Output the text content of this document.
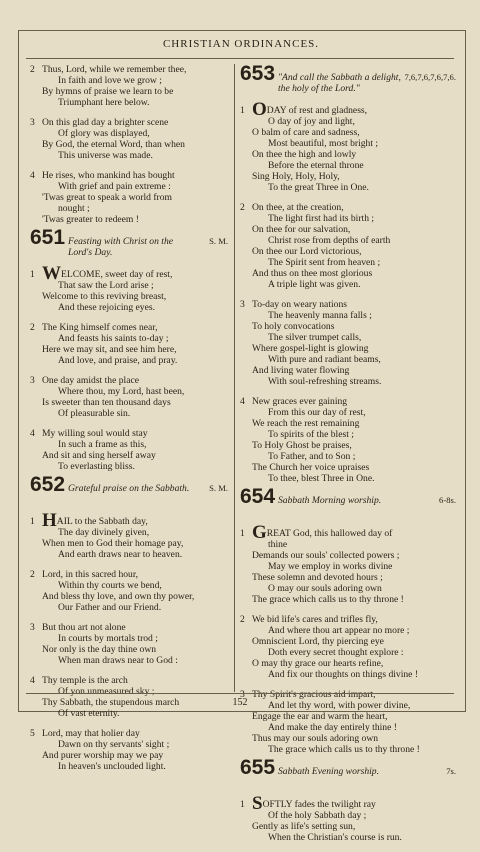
CHRISTIAN ORDINANCES.
2 Thus, Lord, while we remember thee,
In faith and love we grow ;
By hymns of praise we learn to be
Triumphant here below.
3 On this glad day a brighter scene
Of glory was displayed,
By God, the eternal Word, than when
This universe was made.
4 He rises, who mankind has bought
With grief and pain extreme :
'Twas great to speak a world from
nought ;
'Twas greater to redeem !
651 Feasting with Christ on the Lord's Day.
S. M.
1 WELCOME, sweet day of rest,
That saw the Lord arise ;
Welcome to this reviving breast,
And these rejoicing eyes.
2 The King himself comes near,
And feasts his saints to-day ;
Here we may sit, and see him here,
And love, and praise, and pray.
3 One day amidst the place
Where thou, my Lord, hast been,
Is sweeter than ten thousand days
Of pleasurable sin.
4 My willing soul would stay
In such a frame as this,
And sit and sing herself away
To everlasting bliss.
652 Grateful praise on the Sabbath.	S. M.
1 HAIL to the Sabbath day,
The day divinely given,
When men to God their homage pay,
And earth draws near to heaven.
2 Lord, in this sacred hour,
Within thy courts we bend,
And bless thy love, and own thy power,
Our Father and our Friend.
3 But thou art not alone
In courts by mortals trod ;
Nor only is the day thine own
When man draws near to God :
4 Thy temple is the arch
Of yon unmeasured sky ;
Thy Sabbath, the stupendous march
Of vast eternity.
5 Lord, may that holier day
Dawn on thy servants' sight ;
And purer worship may we pay
In heaven's unclouded light.
653 "And call the Sabbath a delight, the holy of the Lord."
7,6,7,6,7,6,7,6.
1 ODAY of rest and gladness,
O day of joy and light,
O balm of care and sadness,
Most beautiful, most bright ;
On thee the high and lowly
Before the eternal throne
Sing Holy, Holy, Holy,
To the great Three in One.
2 On thee, at the creation,
The light first had its birth ;
On thee for our salvation,
Christ rose from depths of earth
On thee our Lord victorious,
The Spirit sent from heaven ;
And thus on thee most glorious
A triple light was given.
3 To-day on weary nations
The heavenly manna falls ;
To holy convocations
The silver trumpet calls,
Where gospel-light is glowing
With pure and radiant beams,
And living water flowing
With soul-refreshing streams.
4 New graces ever gaining
From this our day of rest,
We reach the rest remaining
To spirits of the blest ;
To Holy Ghost be praises,
To Father, and to Son ;
The Church her voice upraises
To thee, blest Three in One.
654 Sabbath Morning worship.	6-8s.
1 GREAT God, this hallowed day of
thine
Demands our souls' collected powers ;
May we employ in works divine
These solemn and devoted hours ;
O may our souls adoring own
The grace which calls us to thy throne !
2 We bid life's cares and trifles fly,
And where thou art appear no more ;
Omniscient Lord, thy piercing eye
Doth every secret thought explore :
O may thy grace our hearts refine,
And fix our thoughts on things divine !
3 Thy Spirit's gracious aid impart,
And let thy word, with power divine,
Engage the ear and warm the heart,
And make the day entirely thine !
Thus may our souls adoring own
The grace which calls us to thy throne !
655 Sabbath Evening worship.	7s.
1 SOFTLY fades the twilight ray
Of the holy Sabbath day ;
Gently as life's setting sun,
When the Christian's course is run.
152
